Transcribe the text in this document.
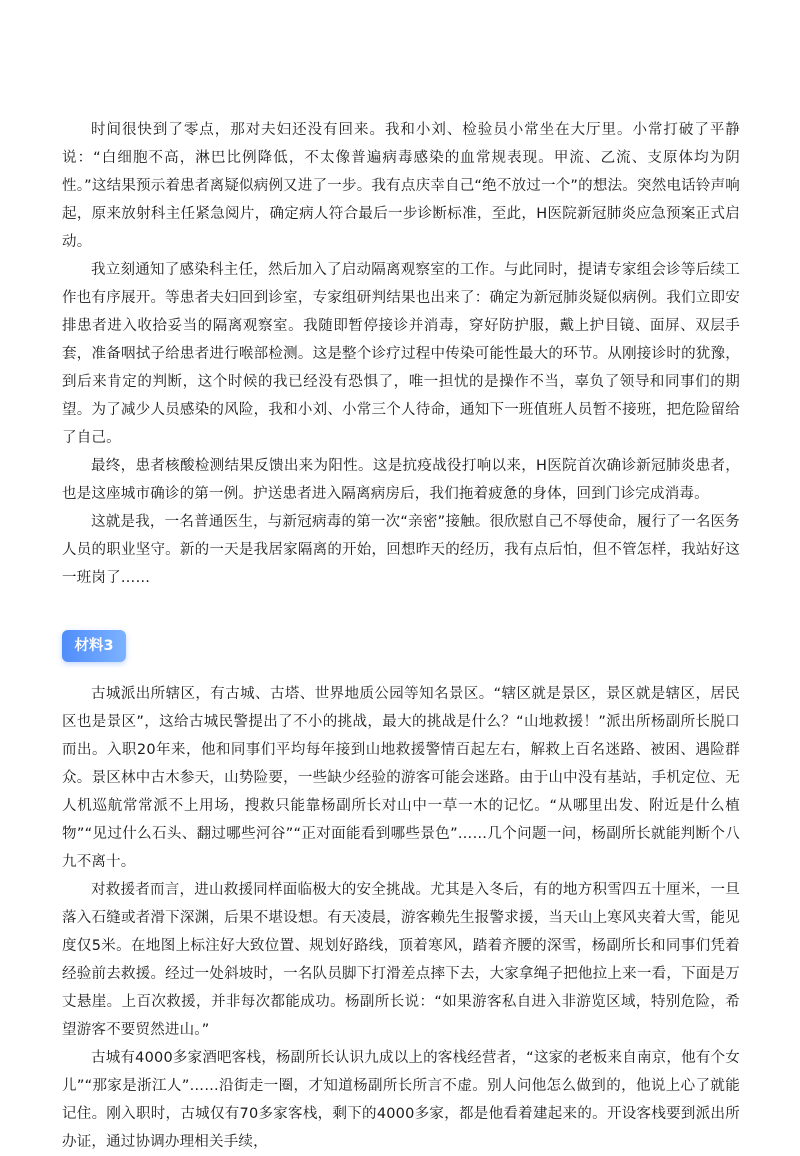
时间很快到了零点，那对夫妇还没有回来。我和小刘、检验员小常坐在大厅里。小常打破了平静说：“白细胞不高，淋巴比例降低，不太像普遍病毒感染的血常规表现。甲流、乙流、支原体均为阴性。”这结果预示着患者离疑似病例又进了一步。我有点庆幸自己“绝不放过一个”的想法。突然电话铃声响起，原来放射科主任紧急阅片，确定病人符合最后一步诊断标准，至此，H医院新冠肺炎应急预案正式启动。

我立刻通知了感染科主任，然后加入了启动隔离观察室的工作。与此同时，提请专家组会诊等后续工作也有序展开。等患者夫妇回到诊室，专家组研判结果也出来了：确定为新冠肺炎疑似病例。我们立即安排患者进入收拾妥当的隔离观察室。我随即暂停接诊并消毒，穿好防护服，戴上护目镜、面屏、双层手套，准备咽拭子给患者进行喉部检测。这是整个诊疗过程中传染可能性最大的环节。从刚接诊时的犹豫，到后来肯定的判断，这个时候的我已经没有恐惧了，唯一担忧的是操作不当，辜负了领导和同事们的期望。为了减少人员感染的风险，我和小刘、小常三个人待命，通知下一班值班人员暂不接班，把危险留给了自己。

最终，患者核酸检测结果反馈出来为阳性。这是抗疫战役打响以来，H医院首次确诊新冠肺炎患者，也是这座城市确诊的第一例。护送患者进入隔离病房后，我们拖着疲惫的身体，回到门诊完成消毒。

这就是我，一名普通医生，与新冠病毒的第一次“亲密”接触。很欣慰自己不辱使命，履行了一名医务人员的职业坚守。新的一天是我居家隔离的开始，回想昨天的经历，我有点后怕，但不管怎样，我站好这一班岗了……

材料3

古城派出所辖区，有古城、古塔、世界地质公园等知名景区。“辖区就是景区，景区就是辖区，居民区也是景区”，这给古城民警提出了不小的挑战，最大的挑战是什么？“山地救援！”派出所杨副所长脱口而出。入职20年来，他和同事们平均每年接到山地救援警情百起左右，解救上百名迷路、被困、遇险群众。景区林中古木参天，山势险要，一些缺少经验的游客可能会迷路。由于山中没有基站，手机定位、无人机巡航常常派不上用场，搜救只能靠杨副所长对山中一草一木的记忆。“从哪里出发、附近是什么植物”“见过什么石头、翻过哪些河谷”“正对面能看到哪些景色”……几个问题一问，杨副所长就能判断个八九不离十。

对救援者而言，进山救援同样面临极大的安全挑战。尤其是入冬后，有的地方积雪四五十厘米，一旦落入石缝或者滑下深渊，后果不堪设想。有天凌晨，游客赖先生报警求援，当天山上寒风夹着大雪，能见度仅5米。在地图上标注好大致位置、规划好路线，顶着寒风，踏着齐腰的深雪，杨副所长和同事们凭着经验前去救援。经过一处斜坡时，一名队员脚下打滑差点摔下去，大家拿绳子把他拉上来一看，下面是万丈悬崖。上百次救援，并非每次都能成功。杨副所长说：“如果游客私自进入非游览区域，特别危险，希望游客不要贸然进山。”

古城有4000多家酒吧客栈，杨副所长认识九成以上的客栈经营者，“这家的老板来自南京，他有个女儿”“那家是浙江人”……沿街走一圈，才知道杨副所长所言不虚。别人问他怎么做到的，他说上心了就能记住。刚入职时，古城仅有70多家客栈，剩下的4000多家，都是他看着建起来的。开设客栈要到派出所办证，通过协调办理相关手续，
